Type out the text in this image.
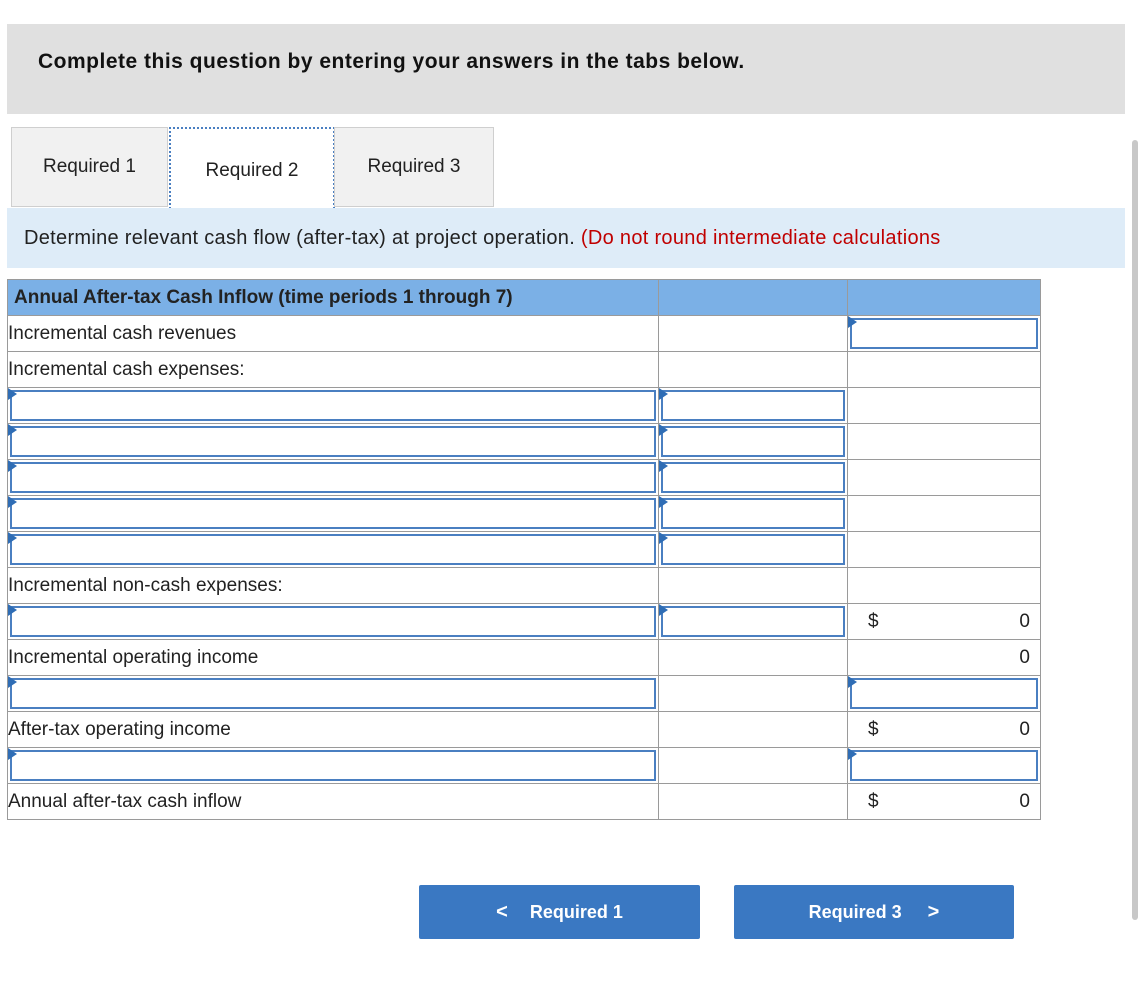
Complete this question by entering your answers in the tabs below.
Required 1	Required 2	Required 3
Determine relevant cash flow (after-tax) at project operation. (Do not round intermediate calculations
Annual After-tax Cash Inflow (time periods 1 through 7)		
Incremental cash revenues		

Incremental cash expenses:		

Incremental non-cash expenses:		

		$ 0

Incremental operating income		0

After-tax operating income		$ 0

Annual after-tax cash inflow		$ 0
< Required 1	Required 3 >
